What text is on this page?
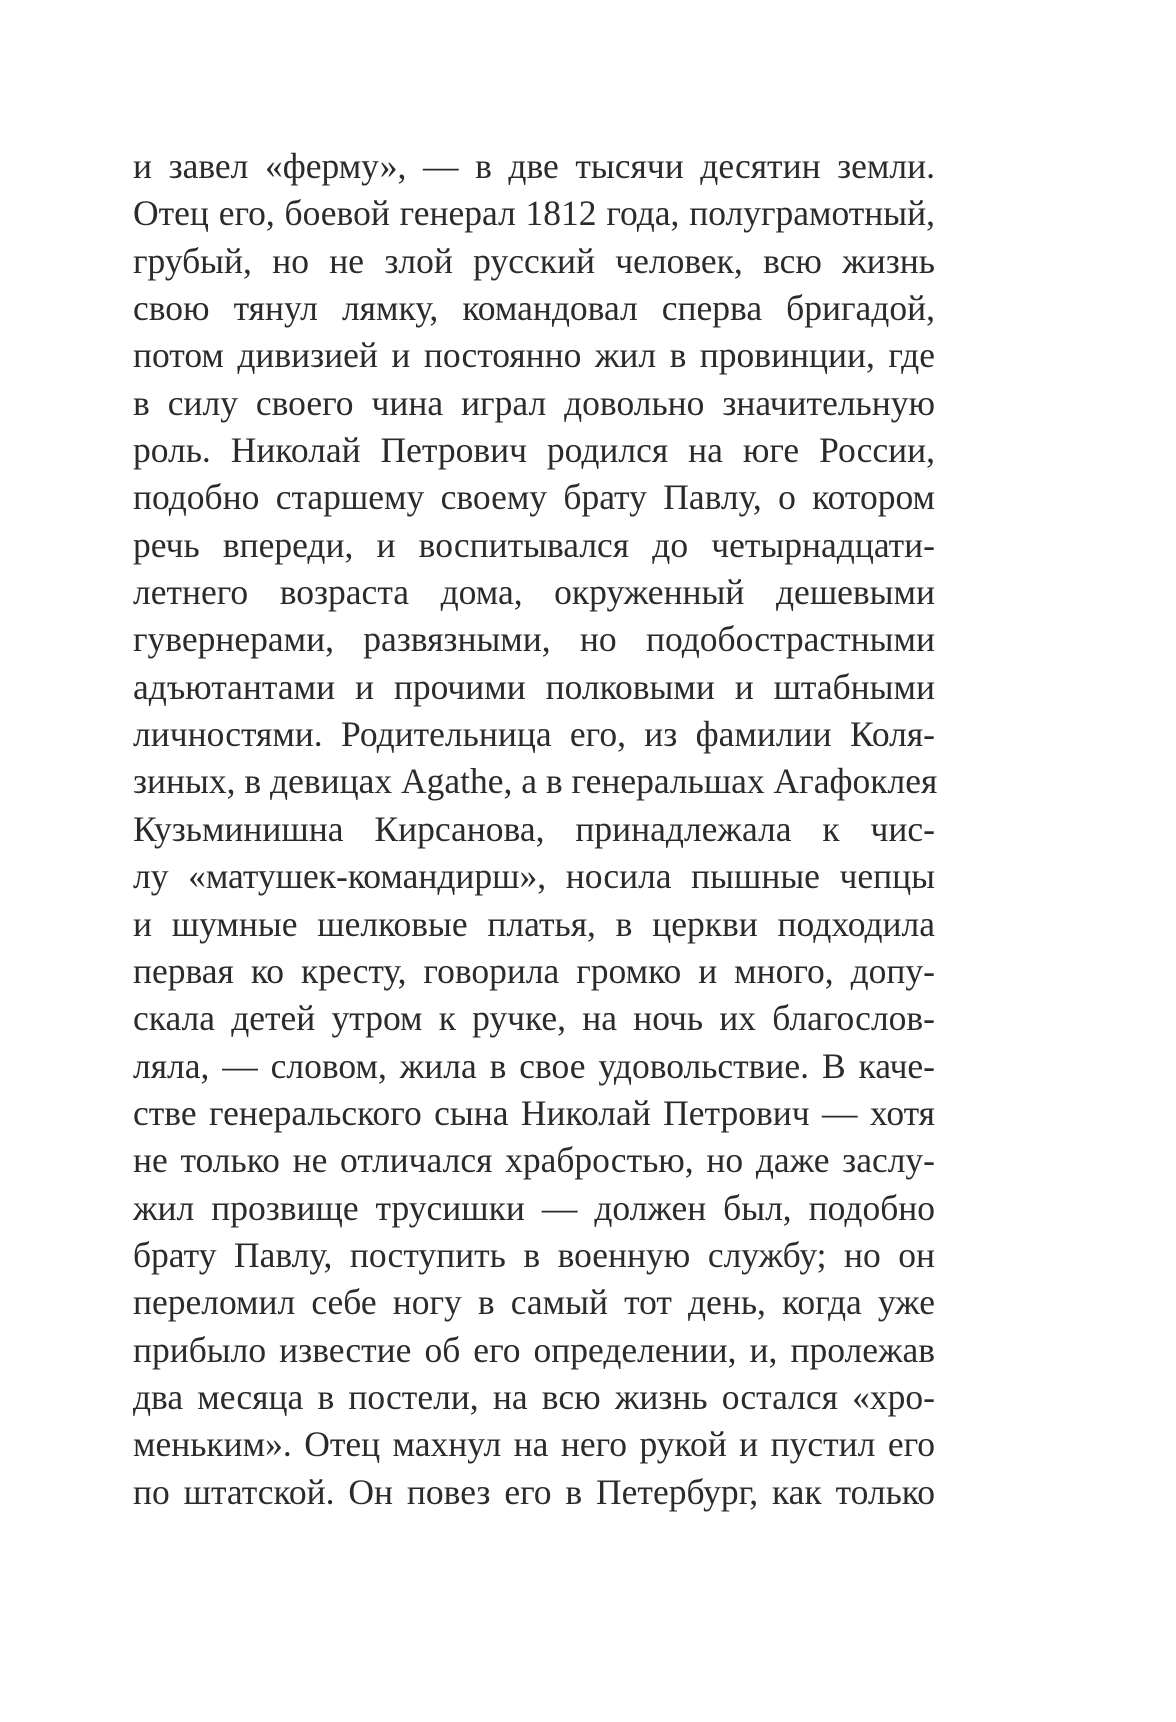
и завел «ферму», — в две тысячи десятин земли.
Отец его, боевой генерал 1812 года, полуграмотный,
грубый, но не злой русский человек, всю жизнь
свою тянул лямку, командовал сперва бригадой,
потом дивизией и постоянно жил в провинции, где
в силу своего чина играл довольно значительную
роль. Николай Петрович родился на юге России,
подобно старшему своему брату Павлу, о котором
речь впереди, и воспитывался до четырнадцати-
летнего возраста дома, окруженный дешевыми
гувернерами, развязными, но подобострастными
адъютантами и прочими полковыми и штабными
личностями. Родительница его, из фамилии Коля-
зиных, в девицах Agathe, а в генеральшах Агафоклея
Кузьминишна Кирсанова, принадлежала к чис-
лу «матушек-командирш», носила пышные чепцы
и шумные шелковые платья, в церкви подходила
первая ко кресту, говорила громко и много, допу-
скала детей утром к ручке, на ночь их благослов-
ляла, — словом, жила в свое удовольствие. В каче-
стве генеральского сына Николай Петрович — хотя
не только не отличался храбростью, но даже заслу-
жил прозвище трусишки — должен был, подобно
брату Павлу, поступить в военную службу; но он
переломил себе ногу в самый тот день, когда уже
прибыло известие об его определении, и, пролежав
два месяца в постели, на всю жизнь остался «хро-
меньким». Отец махнул на него рукой и пустил его
по штатской. Он повез его в Петербург, как только
